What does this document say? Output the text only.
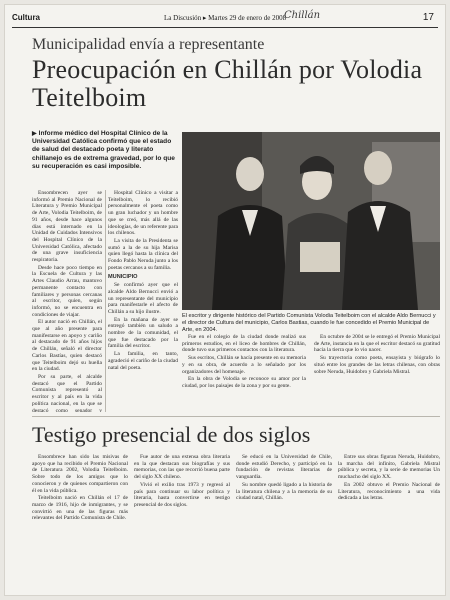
Cultura	La Discusión ▸ Martes 29 de enero de 2008
Chillán	17
Municipalidad envía a representante
Preocupación en Chillán por Volodia Teitelboim
▶ Informe médico del Hospital Clínico de la Universidad Católica confirmó que el estado de salud del destacado poeta y literato chillanejo es de extrema gravedad, por lo que su recuperación es casi imposible.
El escritor y dirigente histórico del Partido Comunista Volodia Teitelboim con el alcalde Aldo Bernucci y el director de Cultura del municipio, Carlos Bastias, cuando le fue concedido el Premio Municipal de Arte, en 2004.
Ensombrecen ayer se informó al Premio Nacional de Literatura y Premio Municipal de Arte, Volodia Teitelboim, de 91 años, desde hace algunos días está internado en la Unidad de Cuidados Intensivos del Hospital Clínico de la Universidad Católica, afectado de una grave insuficiencia respiratoria.
Desde hace poco tiempo en la Escuela de Cultura y las Artes Claudio Arrau, mantuvo permanente contacto con familiares y personas cercanas al escritor, quien, según informó, no se encuentra en condiciones de viajar.
El autor nació en Chillán, el que al año presente para manifestarse en apoyo y cariño al destacado de 91 años hijos de Chillán, señaló el director Carlos Bastías, quien destacó que Teitelboim dejó su huella en la ciudad.
Por su parte, el alcalde destacó que el Partido Comunista representó al escritor y al país en la vida política nacional, en la que se destacó como senador y
Hospital Clínico a visitar a Teitelboim, lo recibió personalmente el poeta como un gran luchador y un hombre que se creó, más allá de las ideologías, de un referente para los chilenos.
La visita de la Presidenta se sumó a la de su hija Marisa quien llegó hasta la clínica del Fondo Pablo Neruda junto a los poetas cercanos a su familia.
MUNICIPIO
Se confirmó ayer que el alcalde Aldo Bernucci envió a un representante del municipio para manifestarle el afecto de Chillán a su hijo ilustre.
En la mañana de ayer se entregó también un saludo a nombre de la comunidad, el que fue destacado por la familia del escritor.
La familia, en tanto, agradeció el cariño de la ciudad natal del poeta.
Fue en el colegio de la ciudad donde realizó sus primeros estudios, en el liceo de hombres de Chillán, donde tuvo sus primeros contactos con la literatura.
Sus escritos, Chillán se hacía presente en su memoria y en su obra, de acuerdo a lo señalado por los organizadores del homenaje.
En la obra de Volodia se reconoce su amor por la ciudad, por los paisajes de la zona y por su gente.
En octubre de 2004 se le entregó el Premio Municipal de Arte, instancia en la que el escritor destacó su gratitud hacia la tierra que lo vio nacer.
Su trayectoria como poeta, ensayista y biógrafo lo situó entre los grandes de las letras chilenas, con obras sobre Neruda, Huidobro y Gabriela Mistral.
Testigo presencial de dos siglos
Ensombrece han sido las misivas de apoyo que ha recibido el Premio Nacional de Literatura 2002, Volodia Teitelboim. Sobre todo de los amigos que lo conocieron y de quienes compartieron con él en la vida pública.
Teitelboim nació en Chillán el 17 de marzo de 1916, hijo de inmigrantes, y se convirtió en una de las figuras más relevantes del Partido Comunista de Chile.
Fue autor de una extensa obra literaria en la que destacan sus biografías y sus memorias, con las que recorrió buena parte del siglo XX chileno.
Vivió el exilio tras 1973 y regresó al país para continuar su labor política y literaria, hasta convertirse en testigo presencial de dos siglos.
Se educó en la Universidad de Chile, donde estudió Derecho, y participó en la fundación de revistas literarias de vanguardia.
Su nombre quedó ligado a la historia de la literatura chilena y a la memoria de su ciudad natal, Chillán.
Entre sus obras figuran Neruda, Huidobro, la marcha del infinito, Gabriela Mistral pública y secreta, y la serie de memorias Un muchacho del siglo XX.
En 2002 obtuvo el Premio Nacional de Literatura, reconocimiento a una vida dedicada a las letras.
